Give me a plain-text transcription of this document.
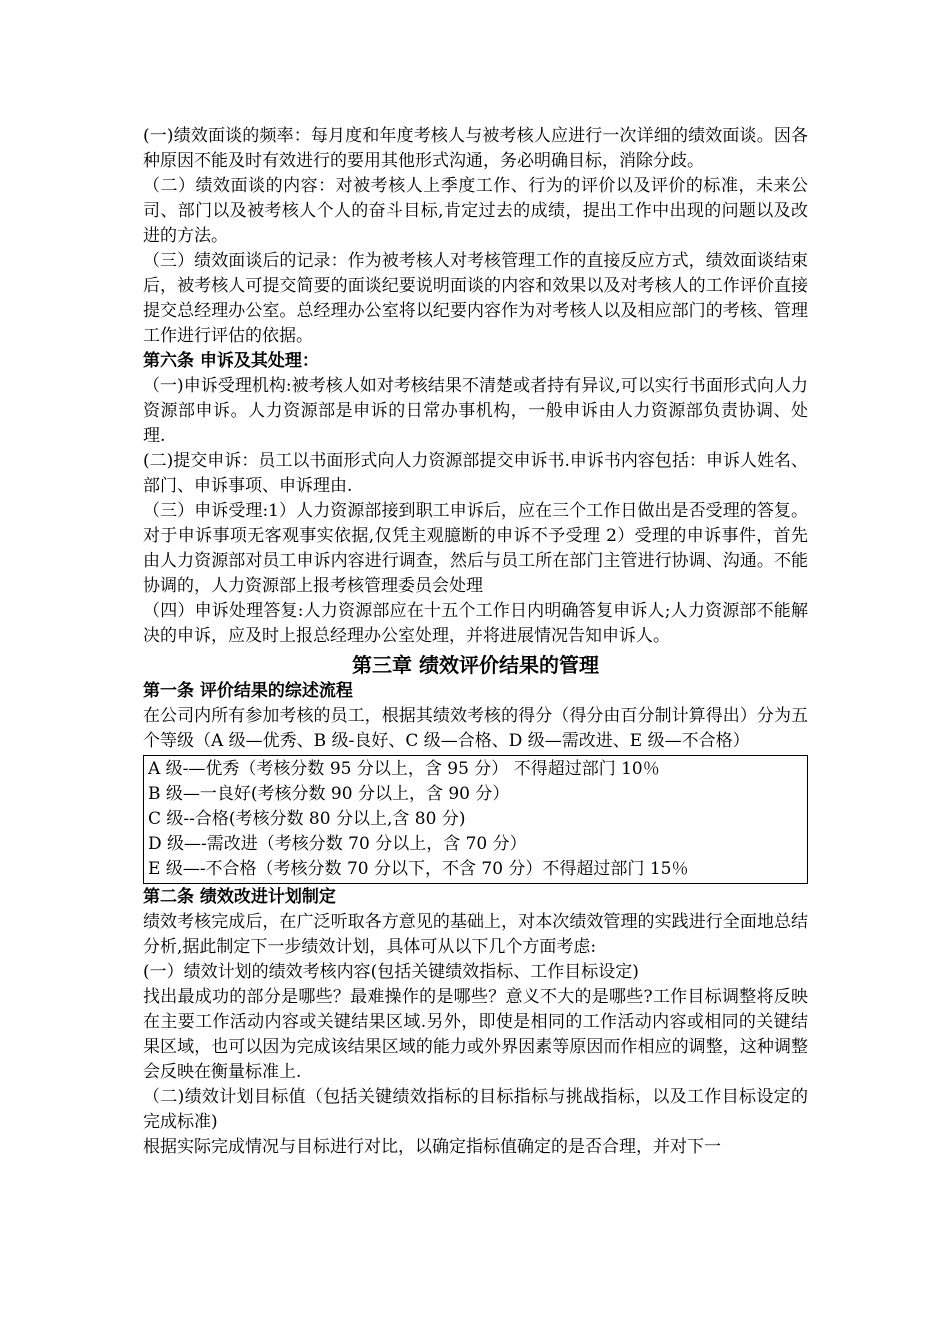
(一)绩效面谈的频率：每月度和年度考核人与被考核人应进行一次详细的绩效面谈。因各种原因不能及时有效进行的要用其他形式沟通，务必明确目标，消除分歧。

（二）绩效面谈的内容：对被考核人上季度工作、行为的评价以及评价的标准，未来公司、部门以及被考核人个人的奋斗目标,肯定过去的成绩，提出工作中出现的问题以及改进的方法。

（三）绩效面谈后的记录：作为被考核人对考核管理工作的直接反应方式，绩效面谈结束后，被考核人可提交简要的面谈纪要说明面谈的内容和效果以及对考核人的工作评价直接提交总经理办公室。总经理办公室将以纪要内容作为对考核人以及相应部门的考核、管理工作进行评估的依据。

第六条 申诉及其处理：

（一)申诉受理机构:被考核人如对考核结果不清楚或者持有异议,可以实行书面形式向人力资源部申诉。人力资源部是申诉的日常办事机构，一般申诉由人力资源部负责协调、处理.

(二)提交申诉：员工以书面形式向人力资源部提交申诉书.申诉书内容包括：申诉人姓名、部门、申诉事项、申诉理由.

（三）申诉受理:1）人力资源部接到职工申诉后，应在三个工作日做出是否受理的答复。对于申诉事项无客观事实依据,仅凭主观臆断的申诉不予受理 2）受理的申诉事件，首先由人力资源部对员工申诉内容进行调查，然后与员工所在部门主管进行协调、沟通。不能协调的，人力资源部上报考核管理委员会处理

（四）申诉处理答复:人力资源部应在十五个工作日内明确答复申诉人;人力资源部不能解决的申诉，应及时上报总经理办公室处理，并将进展情况告知申诉人。

第三章 绩效评价结果的管理

第一条 评价结果的综述流程

在公司内所有参加考核的员工，根据其绩效考核的得分（得分由百分制计算得出）分为五个等级（A 级—优秀、B 级-良好、C 级—合格、D 级—需改进、E 级—不合格）

A 级-—优秀（考核分数 95 分以上，含 95 分） 不得超过部门 10％
B 级—一良好(考核分数 90 分以上，含 90 分）
C 级--合格(考核分数 80 分以上,含 80 分)
D 级—-需改进（考核分数 70 分以上，含 70 分）
E 级—-不合格（考核分数 70 分以下，不含 70 分）不得超过部门 15％

第二条 绩效改进计划制定

绩效考核完成后，在广泛听取各方意见的基础上，对本次绩效管理的实践进行全面地总结分析,据此制定下一步绩效计划，具体可从以下几个方面考虑:

(一）绩效计划的绩效考核内容(包括关键绩效指标、工作目标设定)

找出最成功的部分是哪些？最难操作的是哪些？意义不大的是哪些?工作目标调整将反映在主要工作活动内容或关键结果区域.另外，即使是相同的工作活动内容或相同的关键结果区域，也可以因为完成该结果区域的能力或外界因素等原因而作相应的调整，这种调整会反映在衡量标准上.

（二)绩效计划目标值（包括关键绩效指标的目标指标与挑战指标，以及工作目标设定的完成标准)

根据实际完成情况与目标进行对比，以确定指标值确定的是否合理，并对下一
